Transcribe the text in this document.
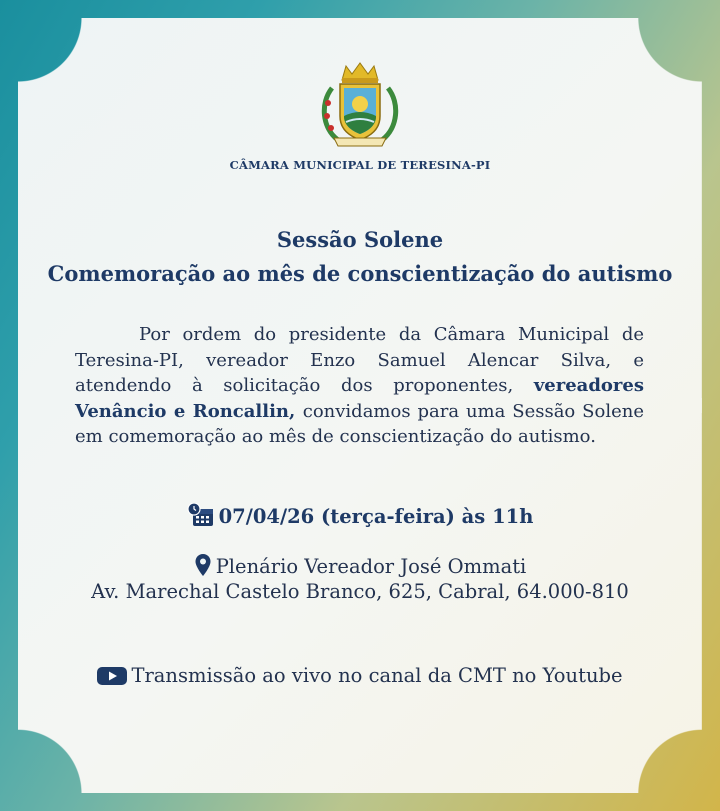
CÂMARA MUNICIPAL DE TERESINA-PI
Sessão Solene
Comemoração ao mês de conscientização do autismo
Por ordem do presidente da Câmara Municipal de Teresina-PI, vereador Enzo Samuel Alencar Silva, e atendendo à solicitação dos proponentes, vereadores Venâncio e Roncallin, convidamos para uma Sessão Solene em comemoração ao mês de conscientização do autismo.
07/04/26 (terça-feira) às 11h
Plenário Vereador José Ommati
Av. Marechal Castelo Branco, 625, Cabral, 64.000-810
Transmissão ao vivo no canal da CMT no Youtube
